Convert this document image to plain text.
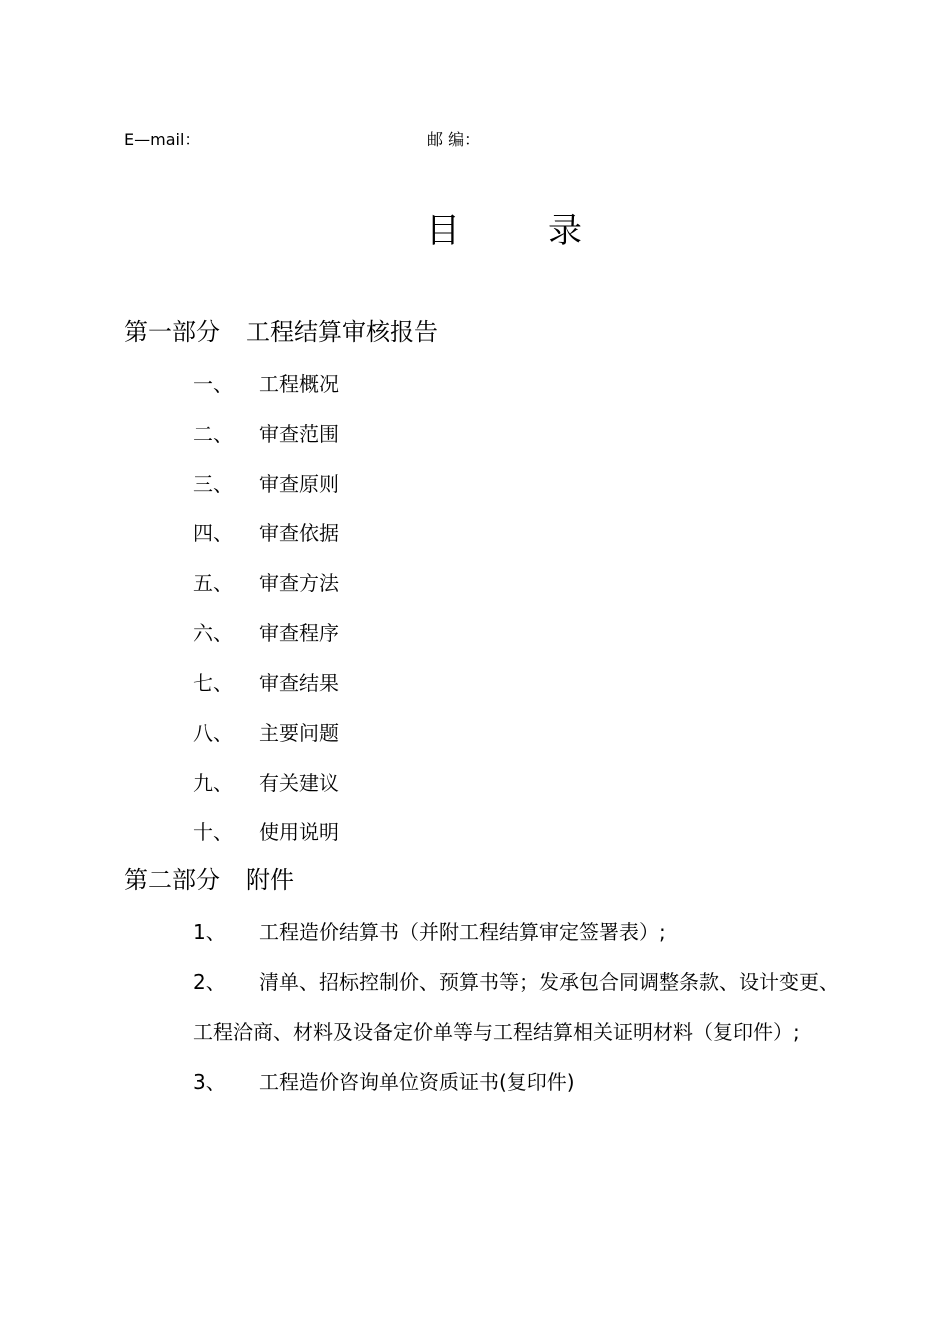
E—mail：	邮 编：
目	录
第一部分 工程结算审核报告
一、 工程概况
二、 审查范围
三、 审查原则
四、 审查依据
五、 审查方法
六、 审查程序
七、 审查结果
八、 主要问题
九、 有关建议
十、 使用说明
第二部分 附件
1、 工程造价结算书（并附工程结算审定签署表）;
2、 清单、招标控制价、预算书等；发承包合同调整条款、设计变更、
工程洽商、材料及设备定价单等与工程结算相关证明材料（复印件）;
3、 工程造价咨询单位资质证书(复印件)
